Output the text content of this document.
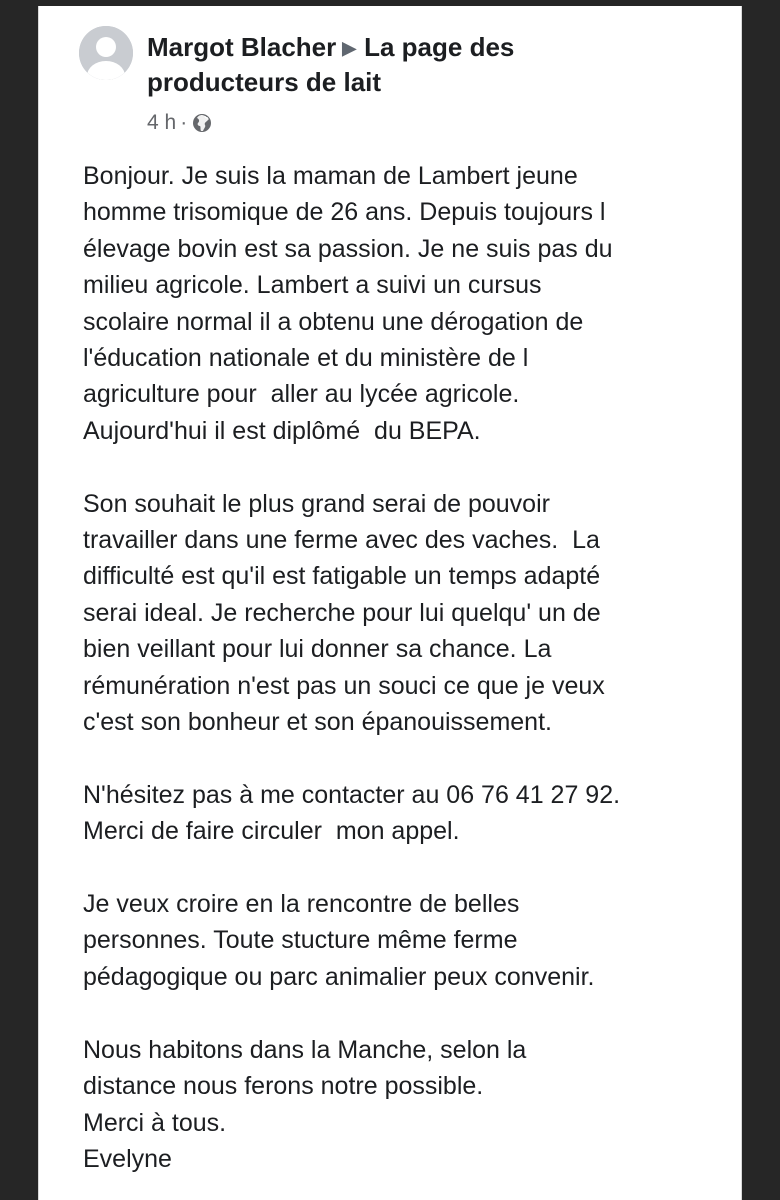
Margot Blacher ▶ La page des
producteurs de lait
4 h ·
Bonjour. Je suis la maman de Lambert jeune
homme trisomique de 26 ans. Depuis toujours l
élevage bovin est sa passion. Je ne suis pas du
milieu agricole. Lambert a suivi un cursus
scolaire normal il a obtenu une dérogation de
l'éducation nationale et du ministère de l
agriculture pour  aller au lycée agricole.
Aujourd'hui il est diplômé  du BEPA.
Son souhait le plus grand serai de pouvoir
travailler dans une ferme avec des vaches.  La
difficulté est qu'il est fatigable un temps adapté
serai ideal. Je recherche pour lui quelqu' un de
bien veillant pour lui donner sa chance. La
rémunération n'est pas un souci ce que je veux
c'est son bonheur et son épanouissement.
N'hésitez pas à me contacter au 06 76 41 27 92.
Merci de faire circuler  mon appel.
Je veux croire en la rencontre de belles
personnes. Toute stucture même ferme
pédagogique ou parc animalier peux convenir.
Nous habitons dans la Manche, selon la
distance nous ferons notre possible.
Merci à tous.
Evelyne
